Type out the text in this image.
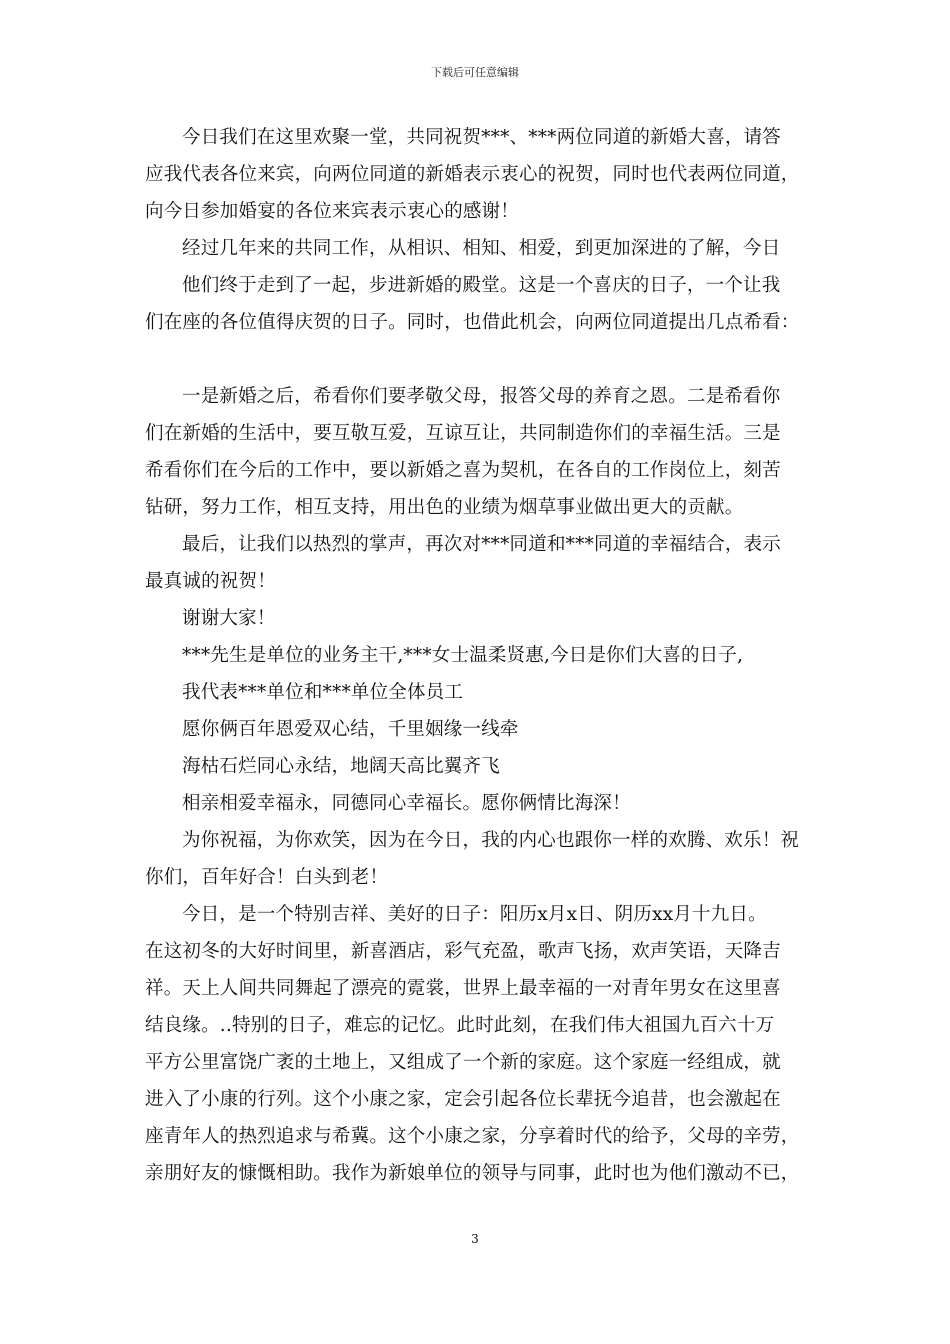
下载后可任意编辑
今日我们在这里欢聚一堂，共同祝贺***、***两位同道的新婚大喜，请答
应我代表各位来宾，向两位同道的新婚表示衷心的祝贺，同时也代表两位同道，
向今日参加婚宴的各位来宾表示衷心的感谢！
经过几年来的共同工作，从相识、相知、相爱，到更加深进的了解，今日
他们终于走到了一起，步进新婚的殿堂。这是一个喜庆的日子，一个让我
们在座的各位值得庆贺的日子。同时，也借此机会，向两位同道提出几点希看：
一是新婚之后，希看你们要孝敬父母，报答父母的养育之恩。二是希看你
们在新婚的生活中，要互敬互爱，互谅互让，共同制造你们的幸福生活。三是
希看你们在今后的工作中，要以新婚之喜为契机，在各自的工作岗位上，刻苦
钻研，努力工作，相互支持，用出色的业绩为烟草事业做出更大的贡献。
最后，让我们以热烈的掌声，再次对***同道和***同道的幸福结合，表示
最真诚的祝贺！
谢谢大家！
***先生是单位的业务主干,***女士温柔贤惠,今日是你们大喜的日子,
我代表***单位和***单位全体员工
愿你俩百年恩爱双心结，千里姻缘一线牵
海枯石烂同心永结，地阔天高比翼齐飞
相亲相爱幸福永，同德同心幸福长。愿你俩情比海深！
为你祝福，为你欢笑，因为在今日，我的内心也跟你一样的欢腾、欢乐！祝
你们，百年好合！白头到老！
今日，是一个特别吉祥、美好的日子：阳历x月x日、阴历xx月十九日。
在这初冬的大好时间里，新喜酒店，彩气充盈，歌声飞扬，欢声笑语，天降吉
祥。天上人间共同舞起了漂亮的霓裳，世界上最幸福的一对青年男女在这里喜
结良缘。..特别的日子，难忘的记忆。此时此刻，在我们伟大祖国九百六十万
平方公里富饶广袤的土地上，又组成了一个新的家庭。这个家庭一经组成，就
进入了小康的行列。这个小康之家，定会引起各位长辈抚今追昔，也会激起在
座青年人的热烈追求与希冀。这个小康之家，分享着时代的给予，父母的辛劳，
亲朋好友的慷慨相助。我作为新娘单位的领导与同事，此时也为他们激动不已，
3
